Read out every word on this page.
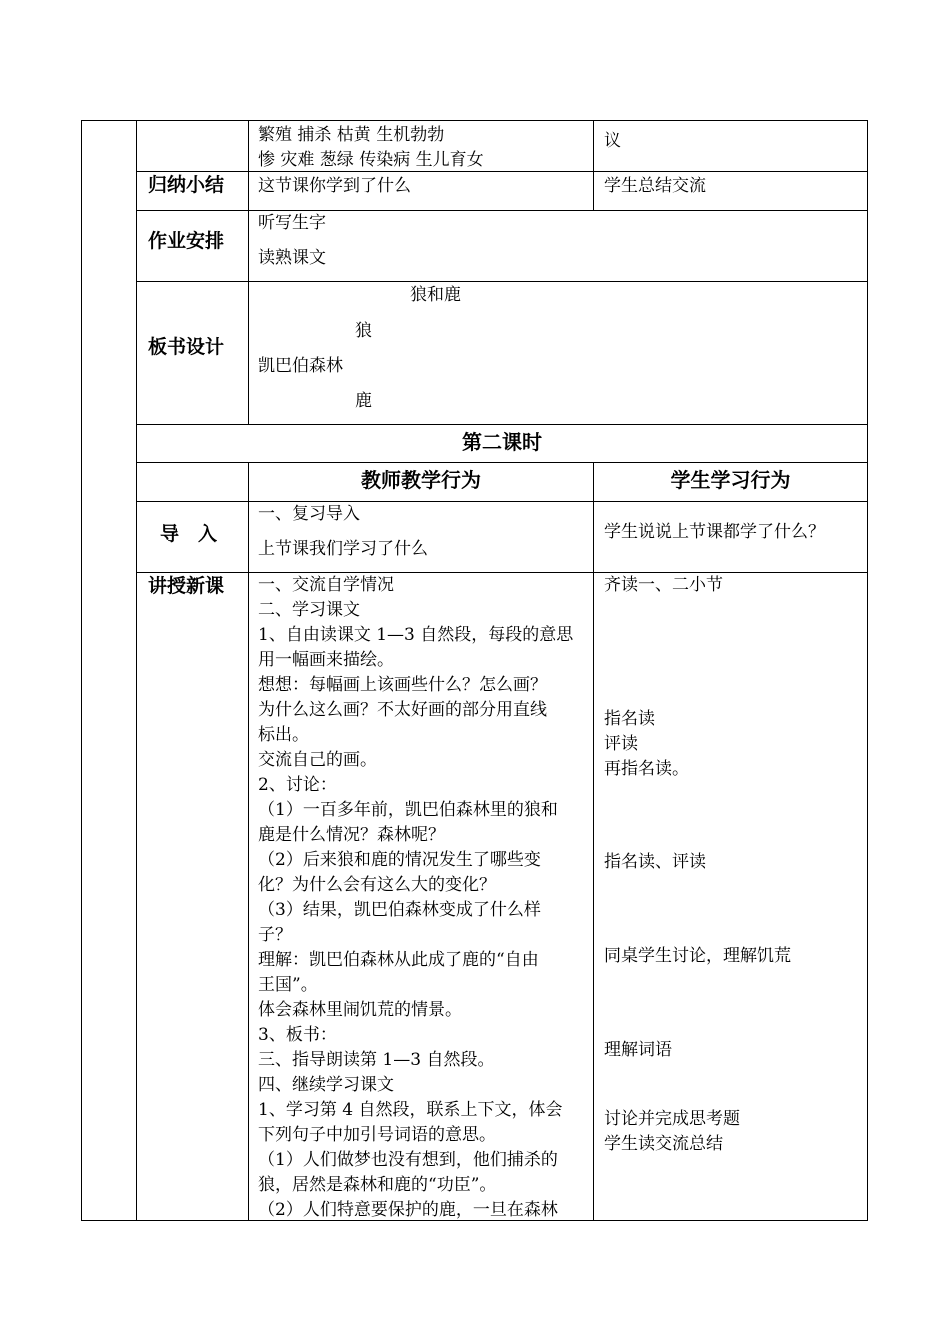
繁殖 捕杀 枯黄 生机勃勃
惨 灾难 葱绿 传染病 生儿育女
议
归纳小结 这节课你学到了什么	学生总结交流
作业安排
听写生字
读熟课文
板书设计
狼和鹿
狼
凯巴伯森林
鹿
第二课时
教师教学行为	学生学习行为
导　入
一、复习导入
上节课我们学习了什么
学生说说上节课都学了什么？
讲授新课 一、交流自学情况
二、学习课文
1、自由读课文 1—3 自然段，每段的意思
用一幅画来描绘。
想想：每幅画上该画些什么？怎么画？
为什么这么画？不太好画的部分用直线
标出。
交流自己的画。
2、讨论：
（1）一百多年前，凯巴伯森林里的狼和
鹿是什么情况？森林呢？
（2）后来狼和鹿的情况发生了哪些变
化？为什么会有这么大的变化？
（3）结果，凯巴伯森林变成了什么样
子？
理解：凯巴伯森林从此成了鹿的“自由
王国”。
体会森林里闹饥荒的情景。
3、板书：
三、指导朗读第 1—3 自然段。
四、继续学习课文
1、学习第 4 自然段，联系上下文，体会
下列句子中加引号词语的意思。
（1）人们做梦也没有想到，他们捕杀的
狼，居然是森林和鹿的“功臣”。
（2）人们特意要保护的鹿，一旦在森林
齐读一、二小节
指名读
评读
再指名读。
指名读、评读
同桌学生讨论，理解饥荒
理解词语
讨论并完成思考题
学生读交流总结
